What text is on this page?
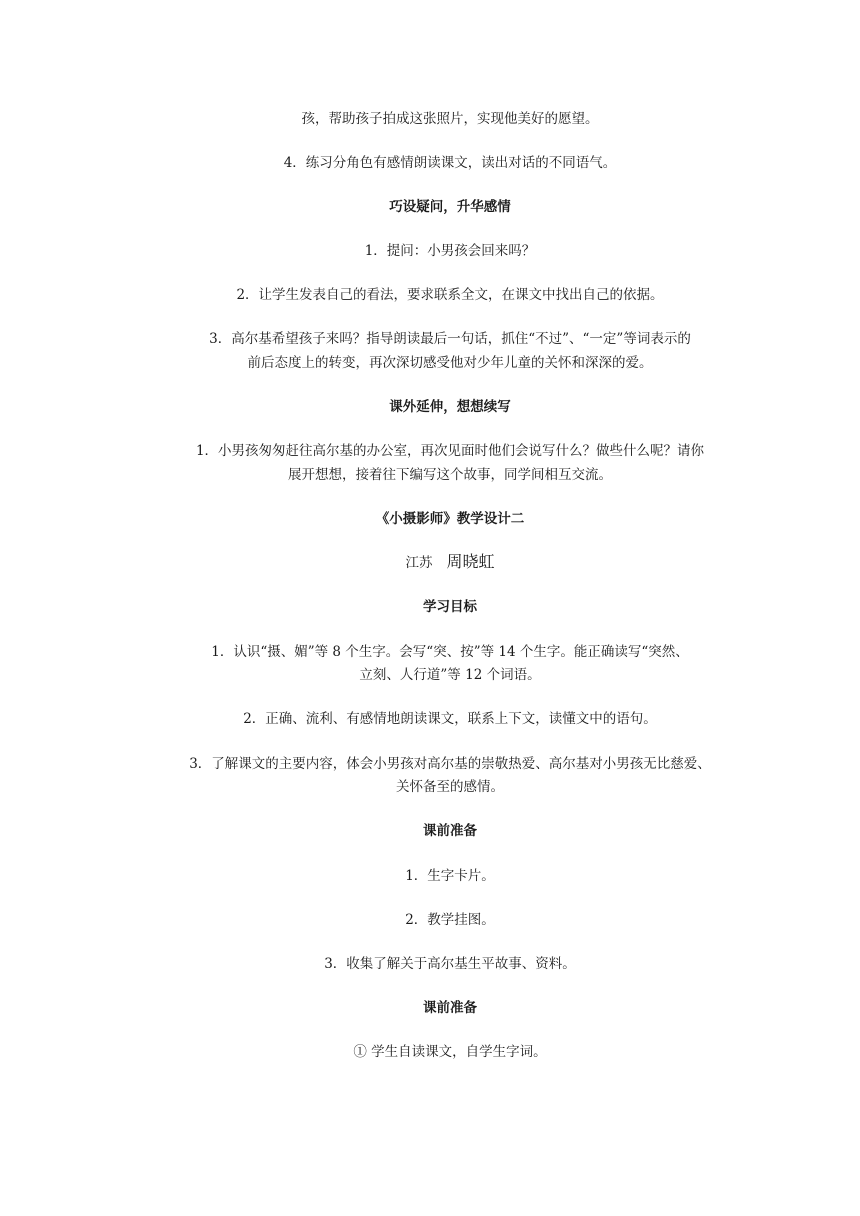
孩，帮助孩子拍成这张照片，实现他美好的愿望。
4．练习分角色有感情朗读课文，读出对话的不同语气。
巧设疑问，升华感情
1．提问：小男孩会回来吗？
2．让学生发表自己的看法，要求联系全文，在课文中找出自己的依据。
3．高尔基希望孩子来吗？指导朗读最后一句话，抓住“不过”、“一定”等词表示的
前后态度上的转变，再次深切感受他对少年儿童的关怀和深深的爱。
课外延伸，想想续写
1．小男孩匆匆赶往高尔基的办公室，再次见面时他们会说写什么？做些什么呢？请你
展开想想，接着往下编写这个故事，同学间相互交流。
《小摄影师》教学设计二
江苏 周晓虹
学习目标
1．认识“摄、媚”等 8 个生字。会写“突、按”等 14 个生字。能正确读写“突然、
立刻、人行道”等 12 个词语。
2．正确、流利、有感情地朗读课文，联系上下文，读懂文中的语句。
3．了解课文的主要内容，体会小男孩对高尔基的崇敬热爱、高尔基对小男孩无比慈爱、
关怀备至的感情。
课前准备
1．生字卡片。
2．教学挂图。
3．收集了解关于高尔基生平故事、资料。
课前准备
① 学生自读课文，自学生字词。
